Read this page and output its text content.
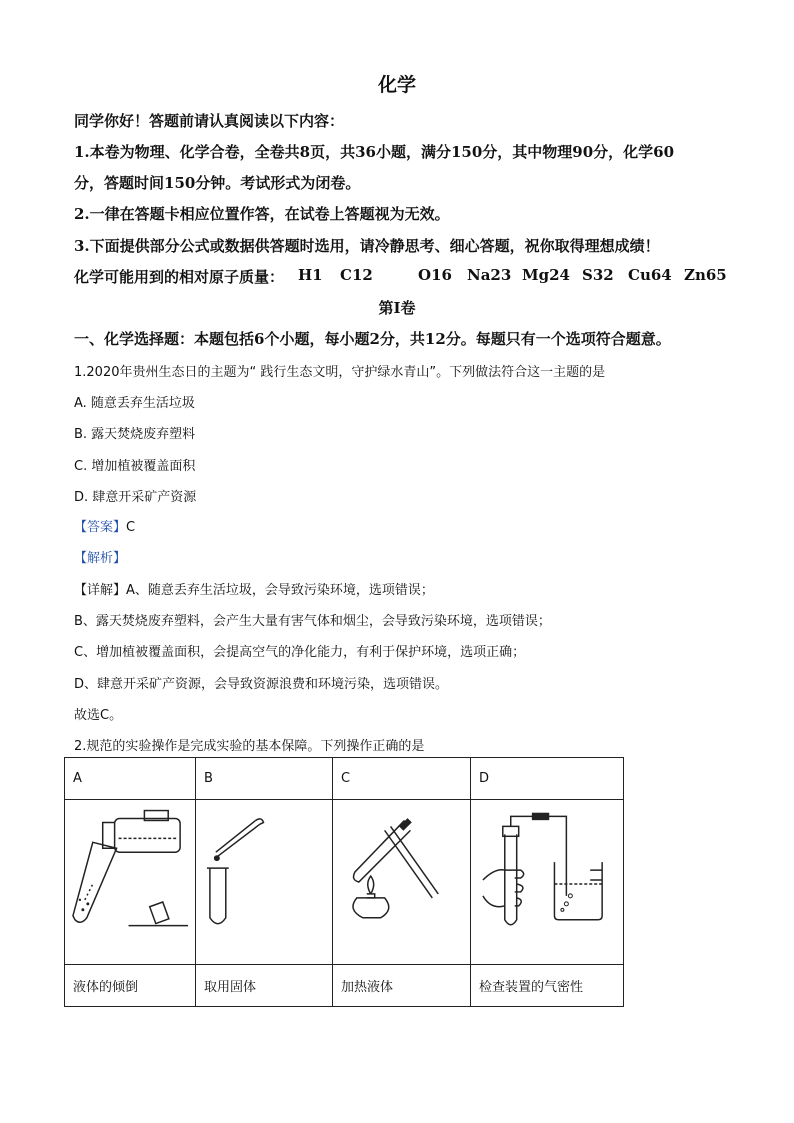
化学
同学你好！答题前请认真阅读以下内容：
1.本卷为物理、化学合卷，全卷共8页，共36小题，满分150分，其中物理90分，化学60
分，答题时间150分钟。考试形式为闭卷。
2.一律在答题卡相应位置作答，在试卷上答题视为无效。
3.下面提供部分公式或数据供答题时选用，请冷静思考、细心答题，祝你取得理想成绩！
化学可能用到的相对原子质量： H1 C12	O16 Na23 Mg24 S32 Cu64 Zn65
第Ⅰ卷
一、化学选择题：本题包括6个小题，每小题2分，共12分。每题只有一个选项符合题意。
1.2020年贵州生态日的主题为“ 践行生态文明，守护绿水青山”。下列做法符合这一主题的是
A. 随意丢弃生活垃圾
B. 露天焚烧废弃塑料
C. 增加植被覆盖面积
D. 肆意开采矿产资源
【答案】C
【解析】
【详解】A、随意丢弃生活垃圾，会导致污染环境，选项错误；
B、露天焚烧废弃塑料，会产生大量有害气体和烟尘，会导致污染环境，选项错误；
C、增加植被覆盖面积，会提高空气的净化能力，有利于保护环境，选项正确；
D、肆意开采矿产资源，会导致资源浪费和环境污染，选项错误。
故选C。
2.规范的实验操作是完成实验的基本保障。下列操作正确的是
A	B	C	D

液体的倾倒	取用固体	加热液体	检查装置的气密性
